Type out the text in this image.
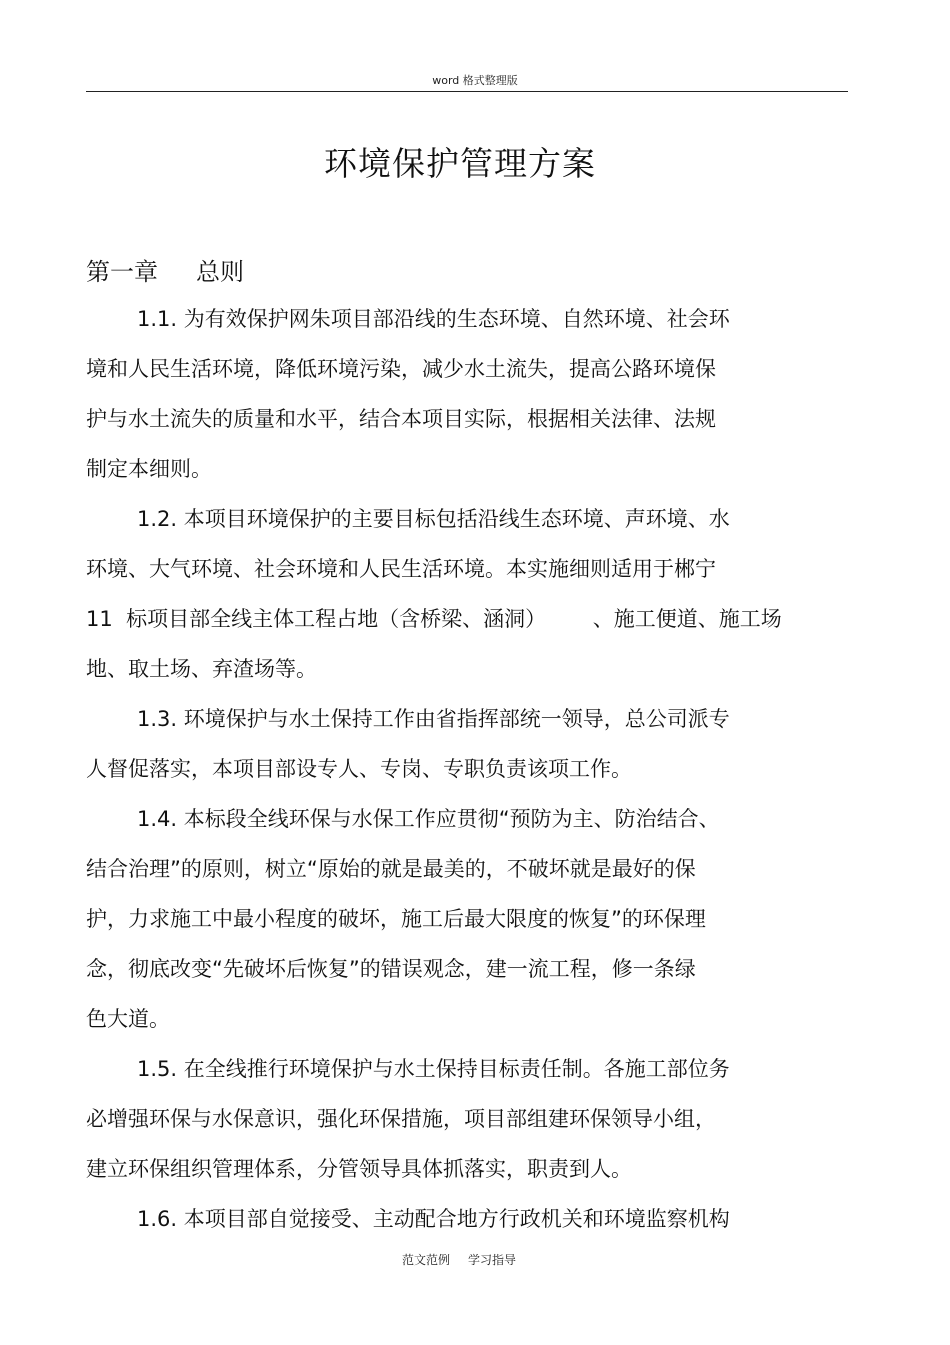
word 格式整理版
环境保护管理方案
第一章 总则
1.1. 为有效保护网朱项目部沿线的生态环境、自然环境、社会环
境和人民生活环境，降低环境污染，减少水土流失，提高公路环境保
护与水土流失的质量和水平，结合本项目实际，根据相关法律、法规
制定本细则。
1.2. 本项目环境保护的主要目标包括沿线生态环境、声环境、水
环境、大气环境、社会环境和人民生活环境。本实施细则适用于郴宁
11  标项目部全线主体工程占地（含桥梁、涵洞）       、施工便道、施工场
地、取土场、弃渣场等。
1.3. 环境保护与水土保持工作由省指挥部统一领导，总公司派专
人督促落实，本项目部设专人、专岗、专职负责该项工作。
1.4. 本标段全线环保与水保工作应贯彻“预防为主、防治结合、
结合治理”的原则，树立“原始的就是最美的，不破坏就是最好的保
护，力求施工中最小程度的破坏，施工后最大限度的恢复”的环保理
念，彻底改变“先破坏后恢复”的错误观念，建一流工程，修一条绿
色大道。
1.5. 在全线推行环境保护与水土保持目标责任制。各施工部位务
必增强环保与水保意识，强化环保措施，项目部组建环保领导小组，
建立环保组织管理体系，分管领导具体抓落实，职责到人。
1.6. 本项目部自觉接受、主动配合地方行政机关和环境监察机构
范文范例 学习指导
